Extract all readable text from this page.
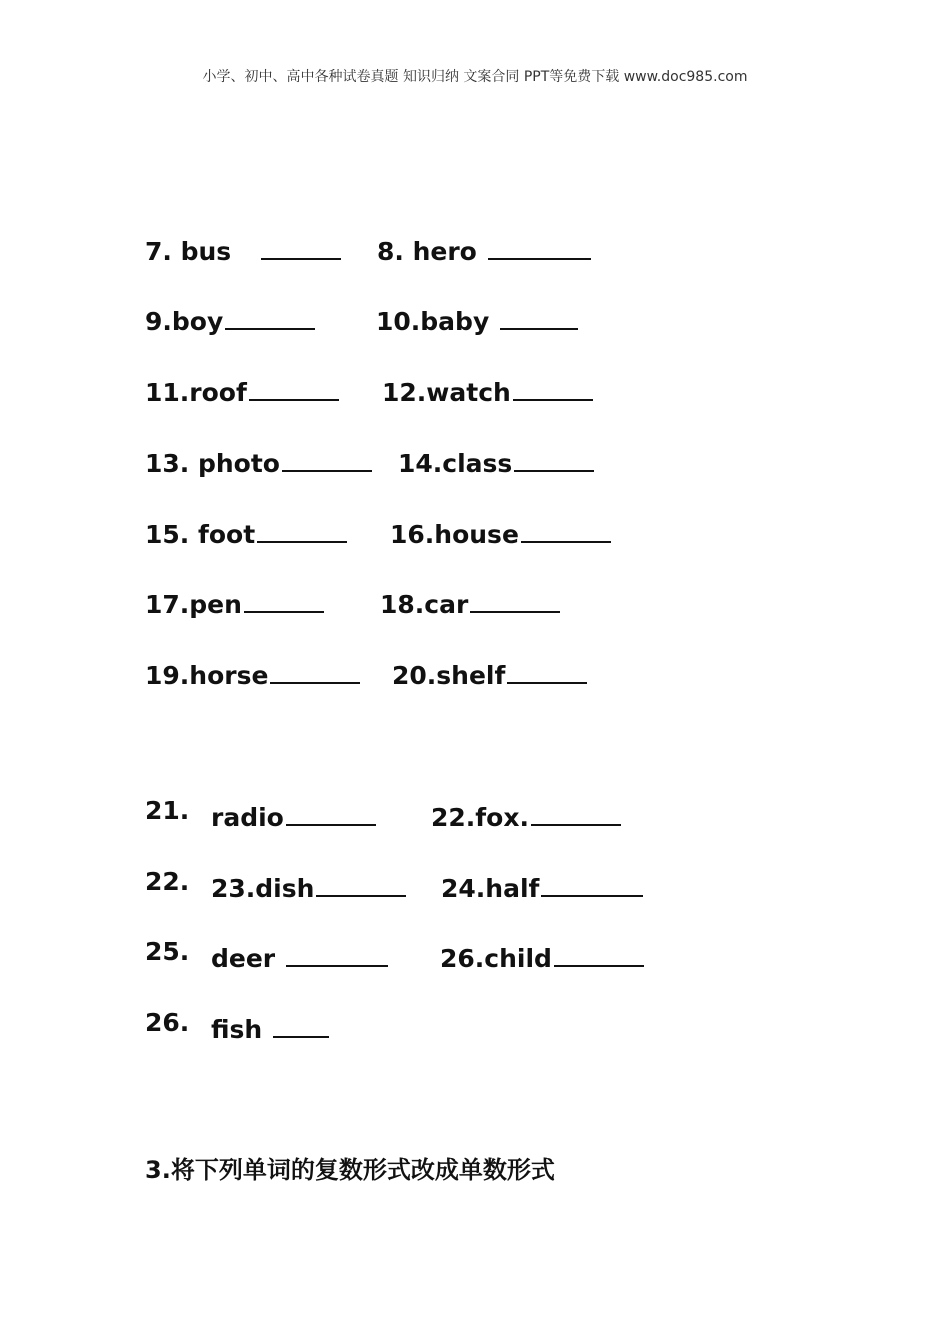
小学、初中、高中各种试卷真题 知识归纳 文案合同 PPT等免费下载 www.doc985.com
7. bus	8. hero
9.boy	10.baby
11.roof	12.watch
13. photo	14.class
15. foot	16.house
17.pen	18.car
19.horse	20.shelf
21. radio	22.fox.
22. 23.dish	24.half
25. deer	26.child
26. fish
3.将下列单词的复数形式改成单数形式
